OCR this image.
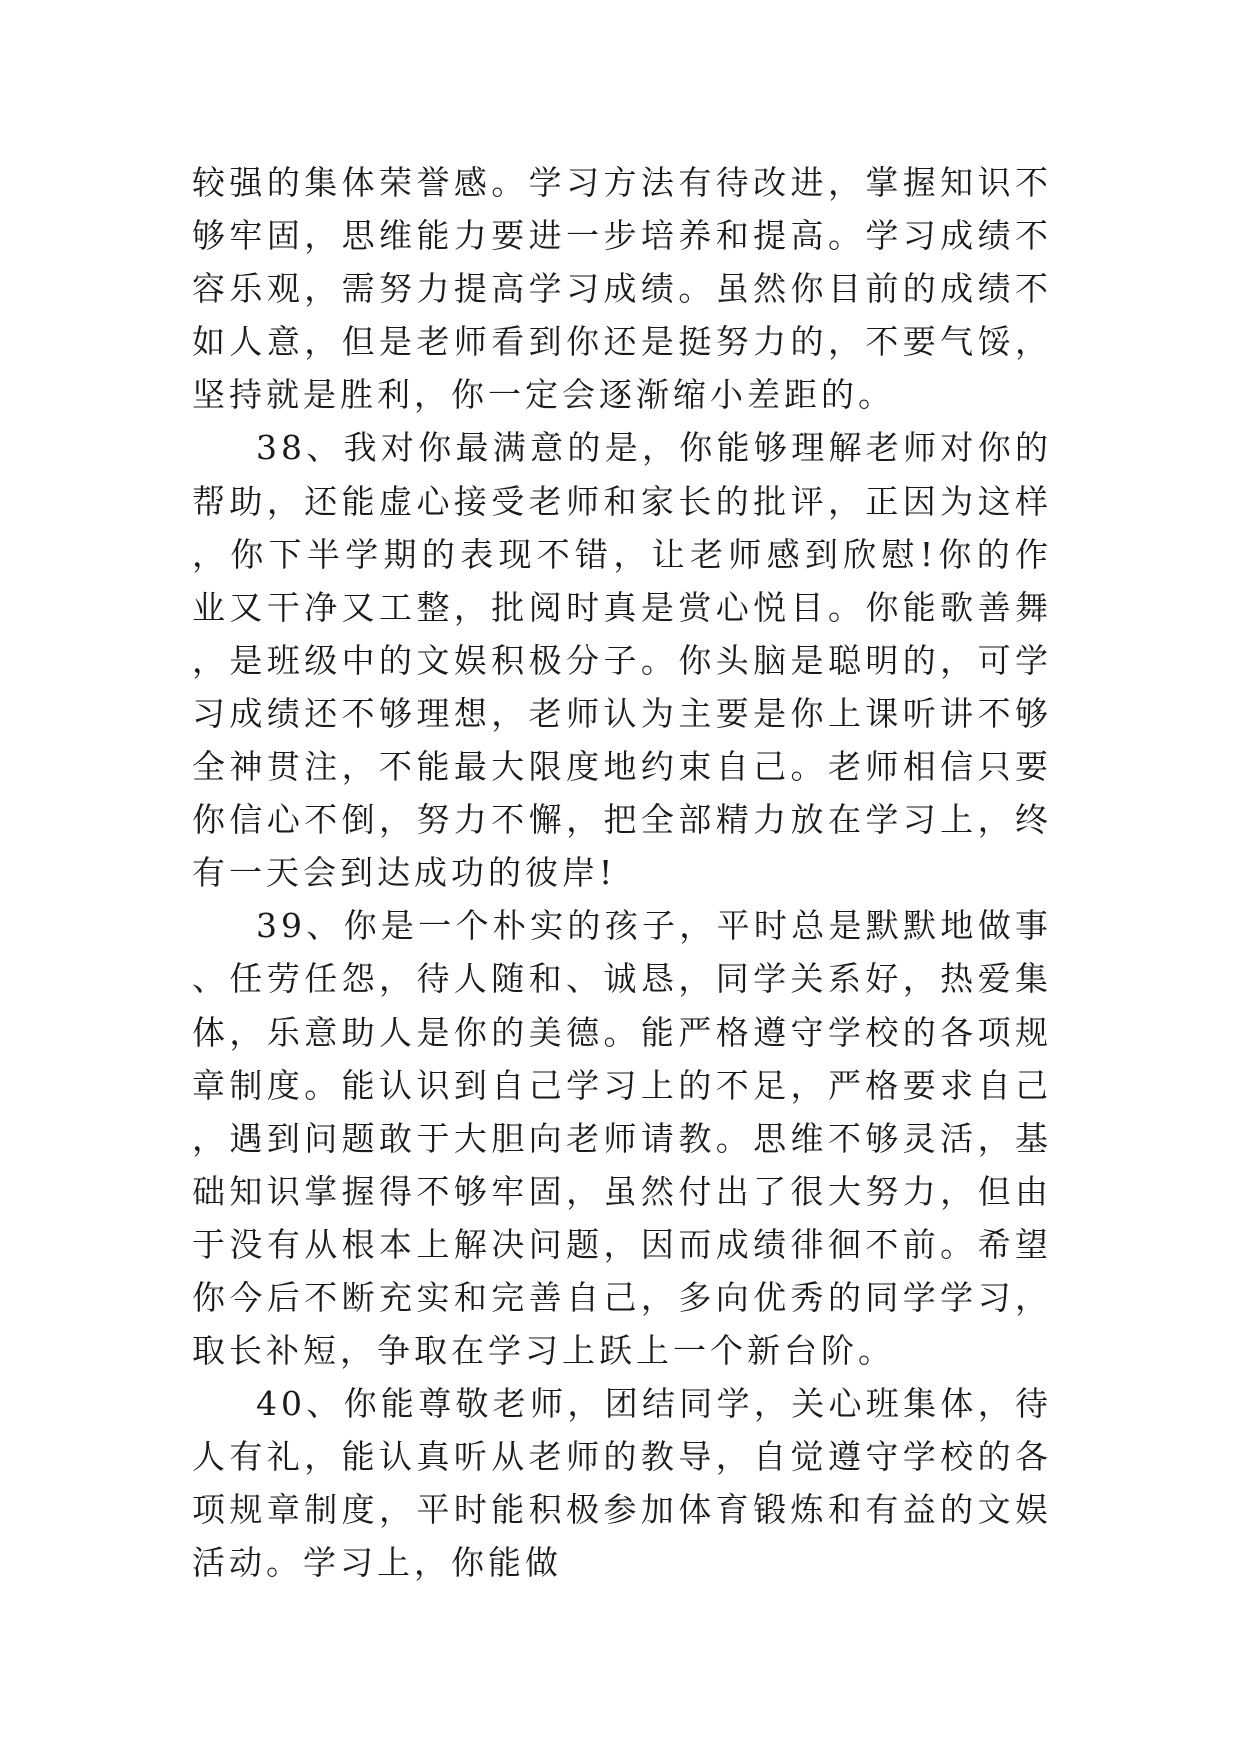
较强的集体荣誉感。学习方法有待改进，掌握知识不够牢固，思维能力要进一步培养和提高。学习成绩不容乐观，需努力提高学习成绩。虽然你目前的成绩不如人意，但是老师看到你还是挺努力的，不要气馁，坚持就是胜利，你一定会逐渐缩小差距的。

38、我对你最满意的是，你能够理解老师对你的帮助，还能虚心接受老师和家长的批评，正因为这样，你下半学期的表现不错，让老师感到欣慰!你的作业又干净又工整，批阅时真是赏心悦目。你能歌善舞，是班级中的文娱积极分子。你头脑是聪明的，可学习成绩还不够理想，老师认为主要是你上课听讲不够全神贯注，不能最大限度地约束自己。老师相信只要你信心不倒，努力不懈，把全部精力放在学习上，终有一天会到达成功的彼岸!

39、你是一个朴实的孩子，平时总是默默地做事、任劳任怨，待人随和、诚恳，同学关系好，热爱集体，乐意助人是你的美德。能严格遵守学校的各项规章制度。能认识到自己学习上的不足，严格要求自己，遇到问题敢于大胆向老师请教。思维不够灵活，基础知识掌握得不够牢固，虽然付出了很大努力，但由于没有从根本上解决问题，因而成绩徘徊不前。希望你今后不断充实和完善自己，多向优秀的同学学习，取长补短，争取在学习上跃上一个新台阶。

40、你能尊敬老师，团结同学，关心班集体，待人有礼，能认真听从老师的教导，自觉遵守学校的各项规章制度，平时能积极参加体育锻炼和有益的文娱活动。学习上，你能做
